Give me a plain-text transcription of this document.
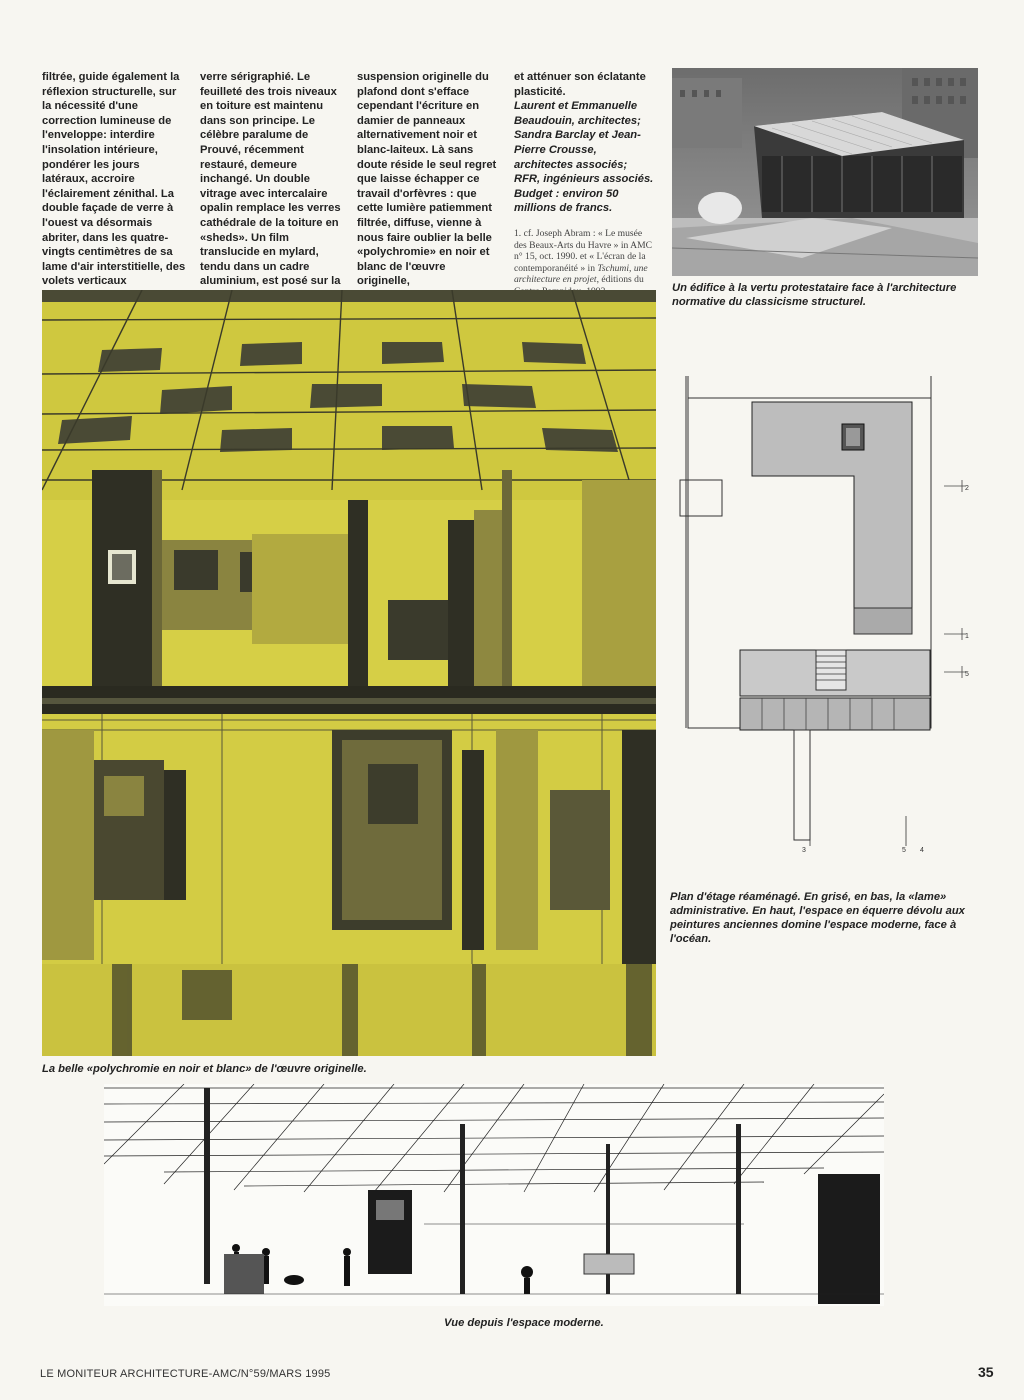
filtrée, guide également la réflexion structurelle, sur la nécessité d'une correction lumineuse de l'enveloppe: interdire l'insolation intérieure, pondérer les jours latéraux, accroire l'éclairement zénithal. La double façade de verre à l'ouest va désormais abriter, dans les quatre-vingts centimètres de sa lame d'air interstitielle, des volets verticaux

verre sérigraphié. Le feuilleté des trois niveaux en toiture est maintenu dans son principe. Le célèbre paralume de Prouvé, récemment restauré, demeure inchangé. Un double vitrage avec intercalaire opalin remplace les verres cathédrale de la toiture en «sheds». Un film translucide en mylard, tendu dans un cadre aluminium, est posé sur la

suspension originelle du plafond dont s'efface cependant l'écriture en damier de panneaux alternativement noir et blanc-laiteux. Là sans doute réside le seul regret que laisse échapper ce travail d'orfèvres : que cette lumière patiemment filtrée, diffuse, vienne à nous faire oublier la belle «polychromie» en noir et blanc de l'œuvre originelle,

et atténuer son éclatante plasticité.

Laurent et Emmanuelle Beaudouin, architectes; Sandra Barclay et Jean-Pierre Crousse, architectes associés; RFR, ingénieurs associés. Budget : environ 50 millions de francs.

1. cf. Joseph Abram : « Le musée des Beaux-Arts du Havre » in AMC n° 15, oct. 1990. et « L'écran de la contemporanéité » in Tschumi, une architecture en projet, éditions du

Un édifice à la vertu protestataire face à l'architecture normative du classicisme structurel.
La belle «polychromie en noir et blanc» de l'œuvre originelle.
2
1
5
3	5 4
Plan d'étage réaménagé. En grisé, en bas, la «lame» administrative. En haut, l'espace en équerre dévolu aux peintures anciennes domine l'espace moderne, face à l'océan.
Vue depuis l'espace moderne.
LE MONITEUR ARCHITECTURE-AMC/N°59/MARS 1995	35
